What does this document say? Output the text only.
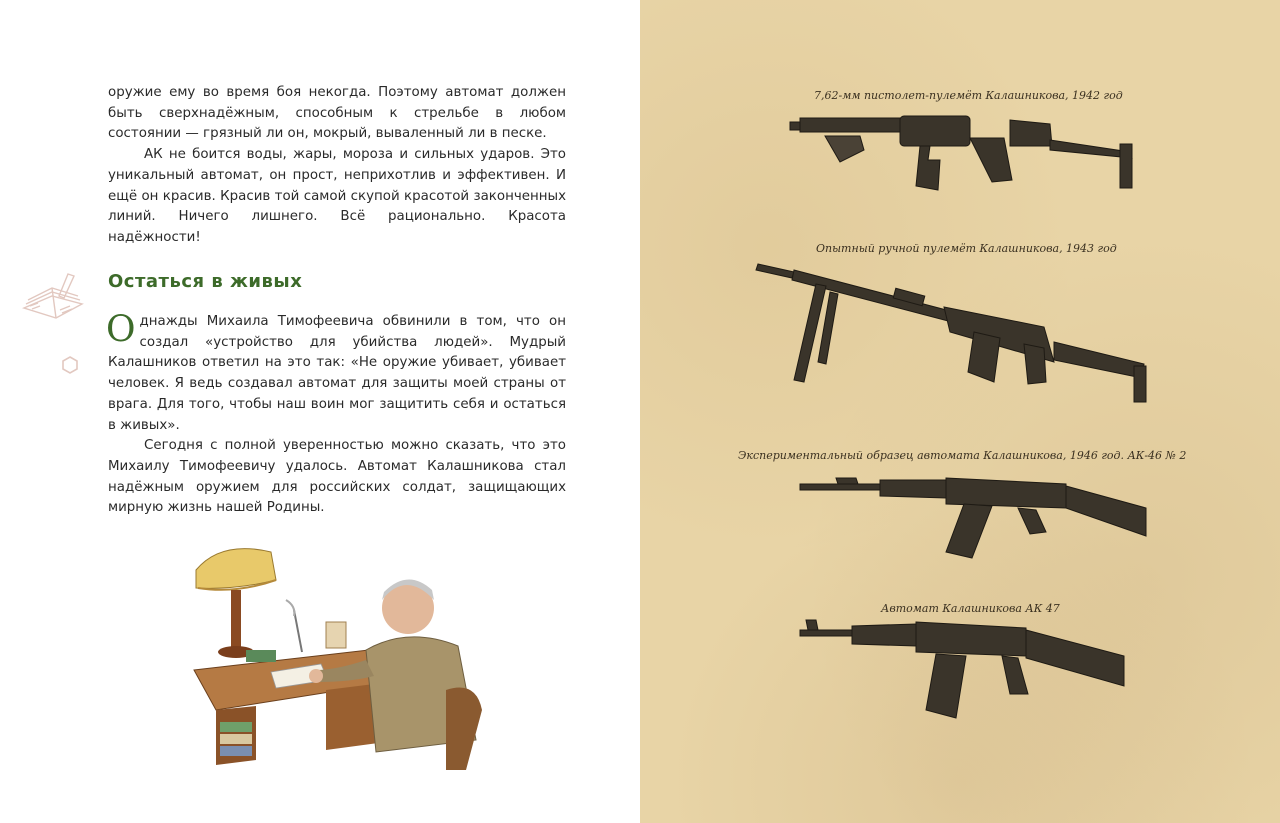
оружие ему во время боя некогда. Поэтому автомат должен быть сверхнадёжным, способным к стрельбе в любом состоянии — грязный ли он, мокрый, вываленный ли в песке.

АК не боится воды, жары, мороза и сильных ударов. Это уникальный автомат, он прост, неприхотлив и эффективен. И ещё он красив. Красив той самой скупой красотой законченных линий. Ничего лишнего. Всё рационально. Красота надёжности!

Остаться в живых

Однажды Михаила Тимофеевича обвинили в том, что он создал «устройство для убийства людей». Мудрый Калашников ответил на это так: «Не оружие убивает, убивает человек. Я ведь создавал автомат для защиты моей страны от врага. Для того, чтобы наш воин мог защитить себя и остаться в живых».

Сегодня с полной уверенностью можно сказать, что это Михаилу Тимофеевичу удалось. Автомат Калашникова стал надёжным оружием для российских солдат, защищающих мирную жизнь нашей Родины.

7,62-мм пистолет-пулемёт Калашникова, 1942 год
Опытный ручной пулемёт Калашникова, 1943 год
Экспериментальный образец автомата Калашникова, 1946 год. АК-46 № 2
Автомат Калашникова АК 47
